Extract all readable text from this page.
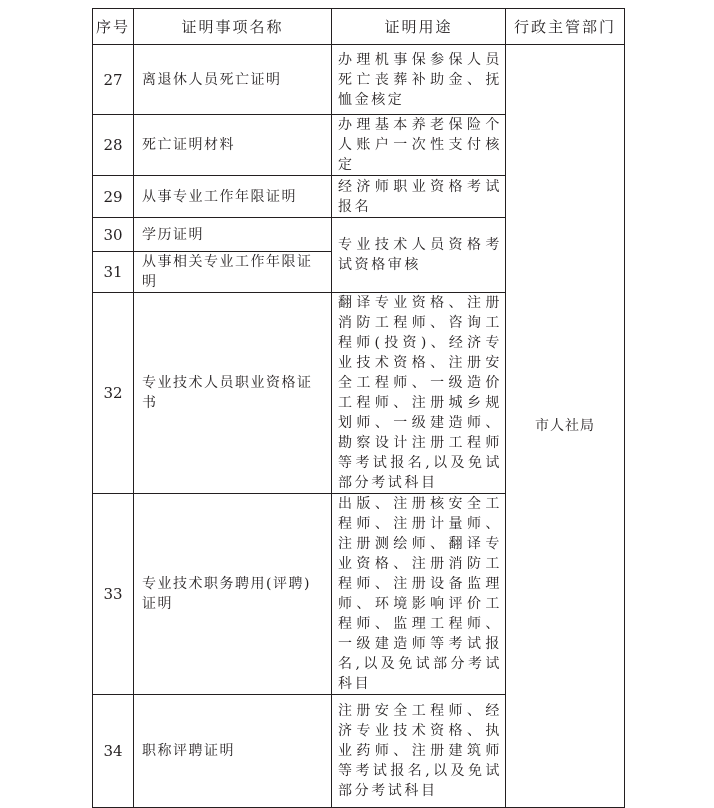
序号	证明事项名称	证明用途	行政主管部门
27	离退休人员死亡证明	办理机事保参保人员死亡丧葬补助金、抚恤金核定	市人社局
28	死亡证明材料	办理基本养老保险个人账户一次性支付核定	
29	从事专业工作年限证明	经济师职业资格考试报名	
30	学历证明	专业技术人员资格考试资格审核	
31	从事相关专业工作年限证明		
32	专业技术人员职业资格证书	翻译专业资格、注册消防工程师、咨询工程师(投资)、经济专业技术资格、注册安全工程师、一级造价工程师、注册城乡规划师、一级建造师、勘察设计注册工程师等考试报名,以及免试部分考试科目	
33	专业技术职务聘用(评聘)证明	出版、注册核安全工程师、注册计量师、注册测绘师、翻译专业资格、注册消防工程师、注册设备监理师、环境影响评价工程师、监理工程师、一级建造师等考试报名,以及免试部分考试科目	
34	职称评聘证明	注册安全工程师、经济专业技术资格、执业药师、注册建筑师等考试报名,以及免试部分考试科目	
